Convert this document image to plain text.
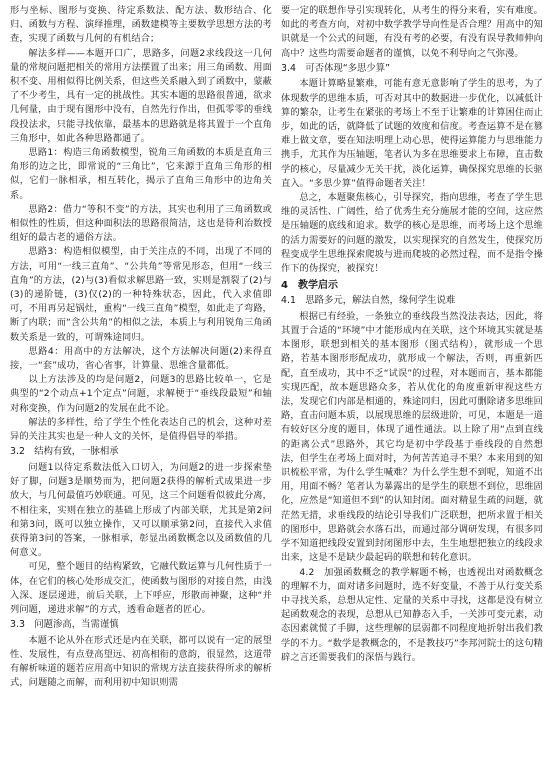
形与坐标、图形与变换、待定系数法、配方法、数形结合、化归、函数与方程、演绎推理，函数建模等主要数学思想方法的考查，实现了函数与几何的有机结合；

解法多样——本题开口广，思路多，问题2求线段这一几何量的常规问题把相关的常用方法摆置了出来；用三角函数、用面积不变、用相似得比例关系，但这些关系融入到了函数中，蒙蔽了不少考生，具有一定的挑战性。其实本题的思路很普通，欲求几何量，由于现有图形中没有，自然先行作出，但孤零零的垂线段投法求，只能寻找依靠，最基本的思路就是将其置于一个直角三角形中，如此各种思路都通了。

思路1：构造三角函数模型，锐角三角函数的本质是直角三角形的边之比，即常说的“三角比”，它来源于直角三角形的相似，它们一脉相承，相互转化，揭示了直角三角形中的边角关系。

思路2：借力“等积不变”的方法，其实也利用了三角函数或相似性的性质，但这种面积法的思路很简洁，这也是待利治数授组好的最古老的通俗方法。

思路3：构造相似模型，由于关注点的不同，出现了不同的方法，可用“一线三直角”、“公共角”等常见形态，但用“一线三直角”的方法，(2)与(3)看似求解思路一致，实则是割裂了(2)与(3)的递阶链，(3)仅(2)的一种特殊状态，因此，代入求值即可，不用再另起锅灶，重构“一线三直角”模型，如此走了弯路，断了内联；而“含公共角”的相似之法，本质上与利用锐角三角函数关系是一致的，可谓殊途同归。

思路4：用高中的方法解决，这个方法解决问题(2)来得直接，一“套”成功，省心省事，计算量、思维含量都低。

以上方法涉及的均是问题2，问题3的思路比较单一，它是典型的“2个动点+1个定点”问题，求解梗于“垂线段最短”和轴对称变换，作为问题2的发展在此不论。

解法的多样性，给了学生个性化表达自己的机会，这种对差异的关注其实也是一种人文的关怀，是值得倡导的举措。

3.2　结构有致，一脉相承

问题1以待定系数法低入口切入，为问题2的进一步探索垫好了脚，问题3是顺势而为，把问题2获得的解析式成果进一步放大，与几何最值巧妙联通。可见，这三个问题看似彼此分离，不相往来，实则在独立的基础上形成了内部关联，尤其是第2问和第3问，既可以独立操作，又可以顺承第2问，直接代入求值获得第3问的答案，一脉相承，彰显出函数概念以及函数值的几何意义。

可见，整个题目的结构紧致，它融代数运算与几何性质于一体，在它们的核心处形成交汇，使函数与图形的对接自然，由浅入深、逐层递进，前后关联，上下呼应，形散而神聚，这种“并列问题，递进求解”的方式，透看命题者的匠心。

3.3　问题渗高，当需谨慎

本题不论从外在形式还是内在关联，都可以说有一定的展望性、发展性，有点登高望远、初高相衔的意韵，很显然，这道带有解析味道的题若应用高中知识的常规方法直接获得所求的解析式，问题随之而解，而利用初中知识则需

要一定的联想作导引实现转化，从考生的得分来看，实有难度。如此的考查方向，对初中数学教学导向性是否合理？用高中的知识就是一个公式的问题，有没有考的必要，有没有误导教师伸向高中？这些均需要命题者的谨慎，以免不利导向之气弥漫。

3.4　可否体现“多思少算”

本题计算略显繁难，可能有意无意影响了学生的思考，为了体现数学的思维本质，可否对其中的数据进一步优化，以减低计算的繁杂，让考生在紧张的考场上不至于让繁难的计算困住而止步，如此的话，就降低了试题的效度和信度。考查运算不是在篡难上做文章，要在知法明理上动心思，使得运算能力与思维能力携手，尤其作为压轴题，笔者认为多在思维要求上布障，直击数学的核心，尽量减少无关干扰，淡化运算，确保探究思维的长驱直入。“多思少算”值得命题者关注！

总之，本题聚焦核心，引导探究，指向思维，考查了学生思维的灵活性、广阔性，给了优秀生充分施展才能的空间，这应然是压轴题的底线和追求。数学的核心是思维，而考场上这个思维的活力需要好的问题的激发，以实现探究的自然发生，使探究历程变成学生思维探索爬坡与进而爬坡的必然过程，而不是指令操作下的伪探究，被探究！

4　教学启示

4.1　思路多元，解法自然，缘何学生说难

根据已有经验，一条独立的垂线段当然没法表达，因此，将其置于合适的“环境”中才能形成内在关联，这个环境其实就是基本图形，联想到相关的基本图形（图式结构），就形成一个思路，若基本图形形配成功，就形成一个解法，否则，再重新匹配，直至成功，其中不乏“试误”的过程，对本题而言，基本都能实现匹配，故本题思路众多，若从优化的角度重新审视这些方法，发现它们内部是相通的，殊途同归，因此可删除诸多思维回路，直击问题本质，以展现思维的层级进阶，可见，本题是一道有较好区分度的题目，体现了通性通法。以上除了用“点到直线的距离公式”思路外，其它均是初中学段基于垂线段的自然想法，但学生在考场上面对时，为何苦苦追寻不果？本来用到的知识梳松平常，为什么学生喊难？为什么学生想不到呢，知道不出用，用面不畅？笔者认为暴露出的是学生的联想不到位，思维固化，应然是“知道但不到”的认知封闭。面对精显生疏的问题，就茫然无措，求垂线段的结论引导我们广泛联想，把所求置于相关的图形中，思路就会水落石出，而通过部分调研发现，有很多同学不知道把线段安置到封闭图形中去，生生地想把独立的线段求出来，这是不是缺少最起码的联想和转化意识。

4.2　加强函数概念的教学解题不畅，也透视出对函数概念的理解不力，面对诸多问题时，选不好变量，不善于从行变关系中寻找关系，总想从定性、定量的关系中寻找，这都是没有树立起函数观念的表现，总想从已知静态入手，一关涉可变元素，动态因素就慌了手脚，这些理解的层弱都不同程度地折射出我们教学的不力。“数学是教概念的，不是教技巧”李邦河院士的这句精辟之言还需要我们的深悟与践行。
